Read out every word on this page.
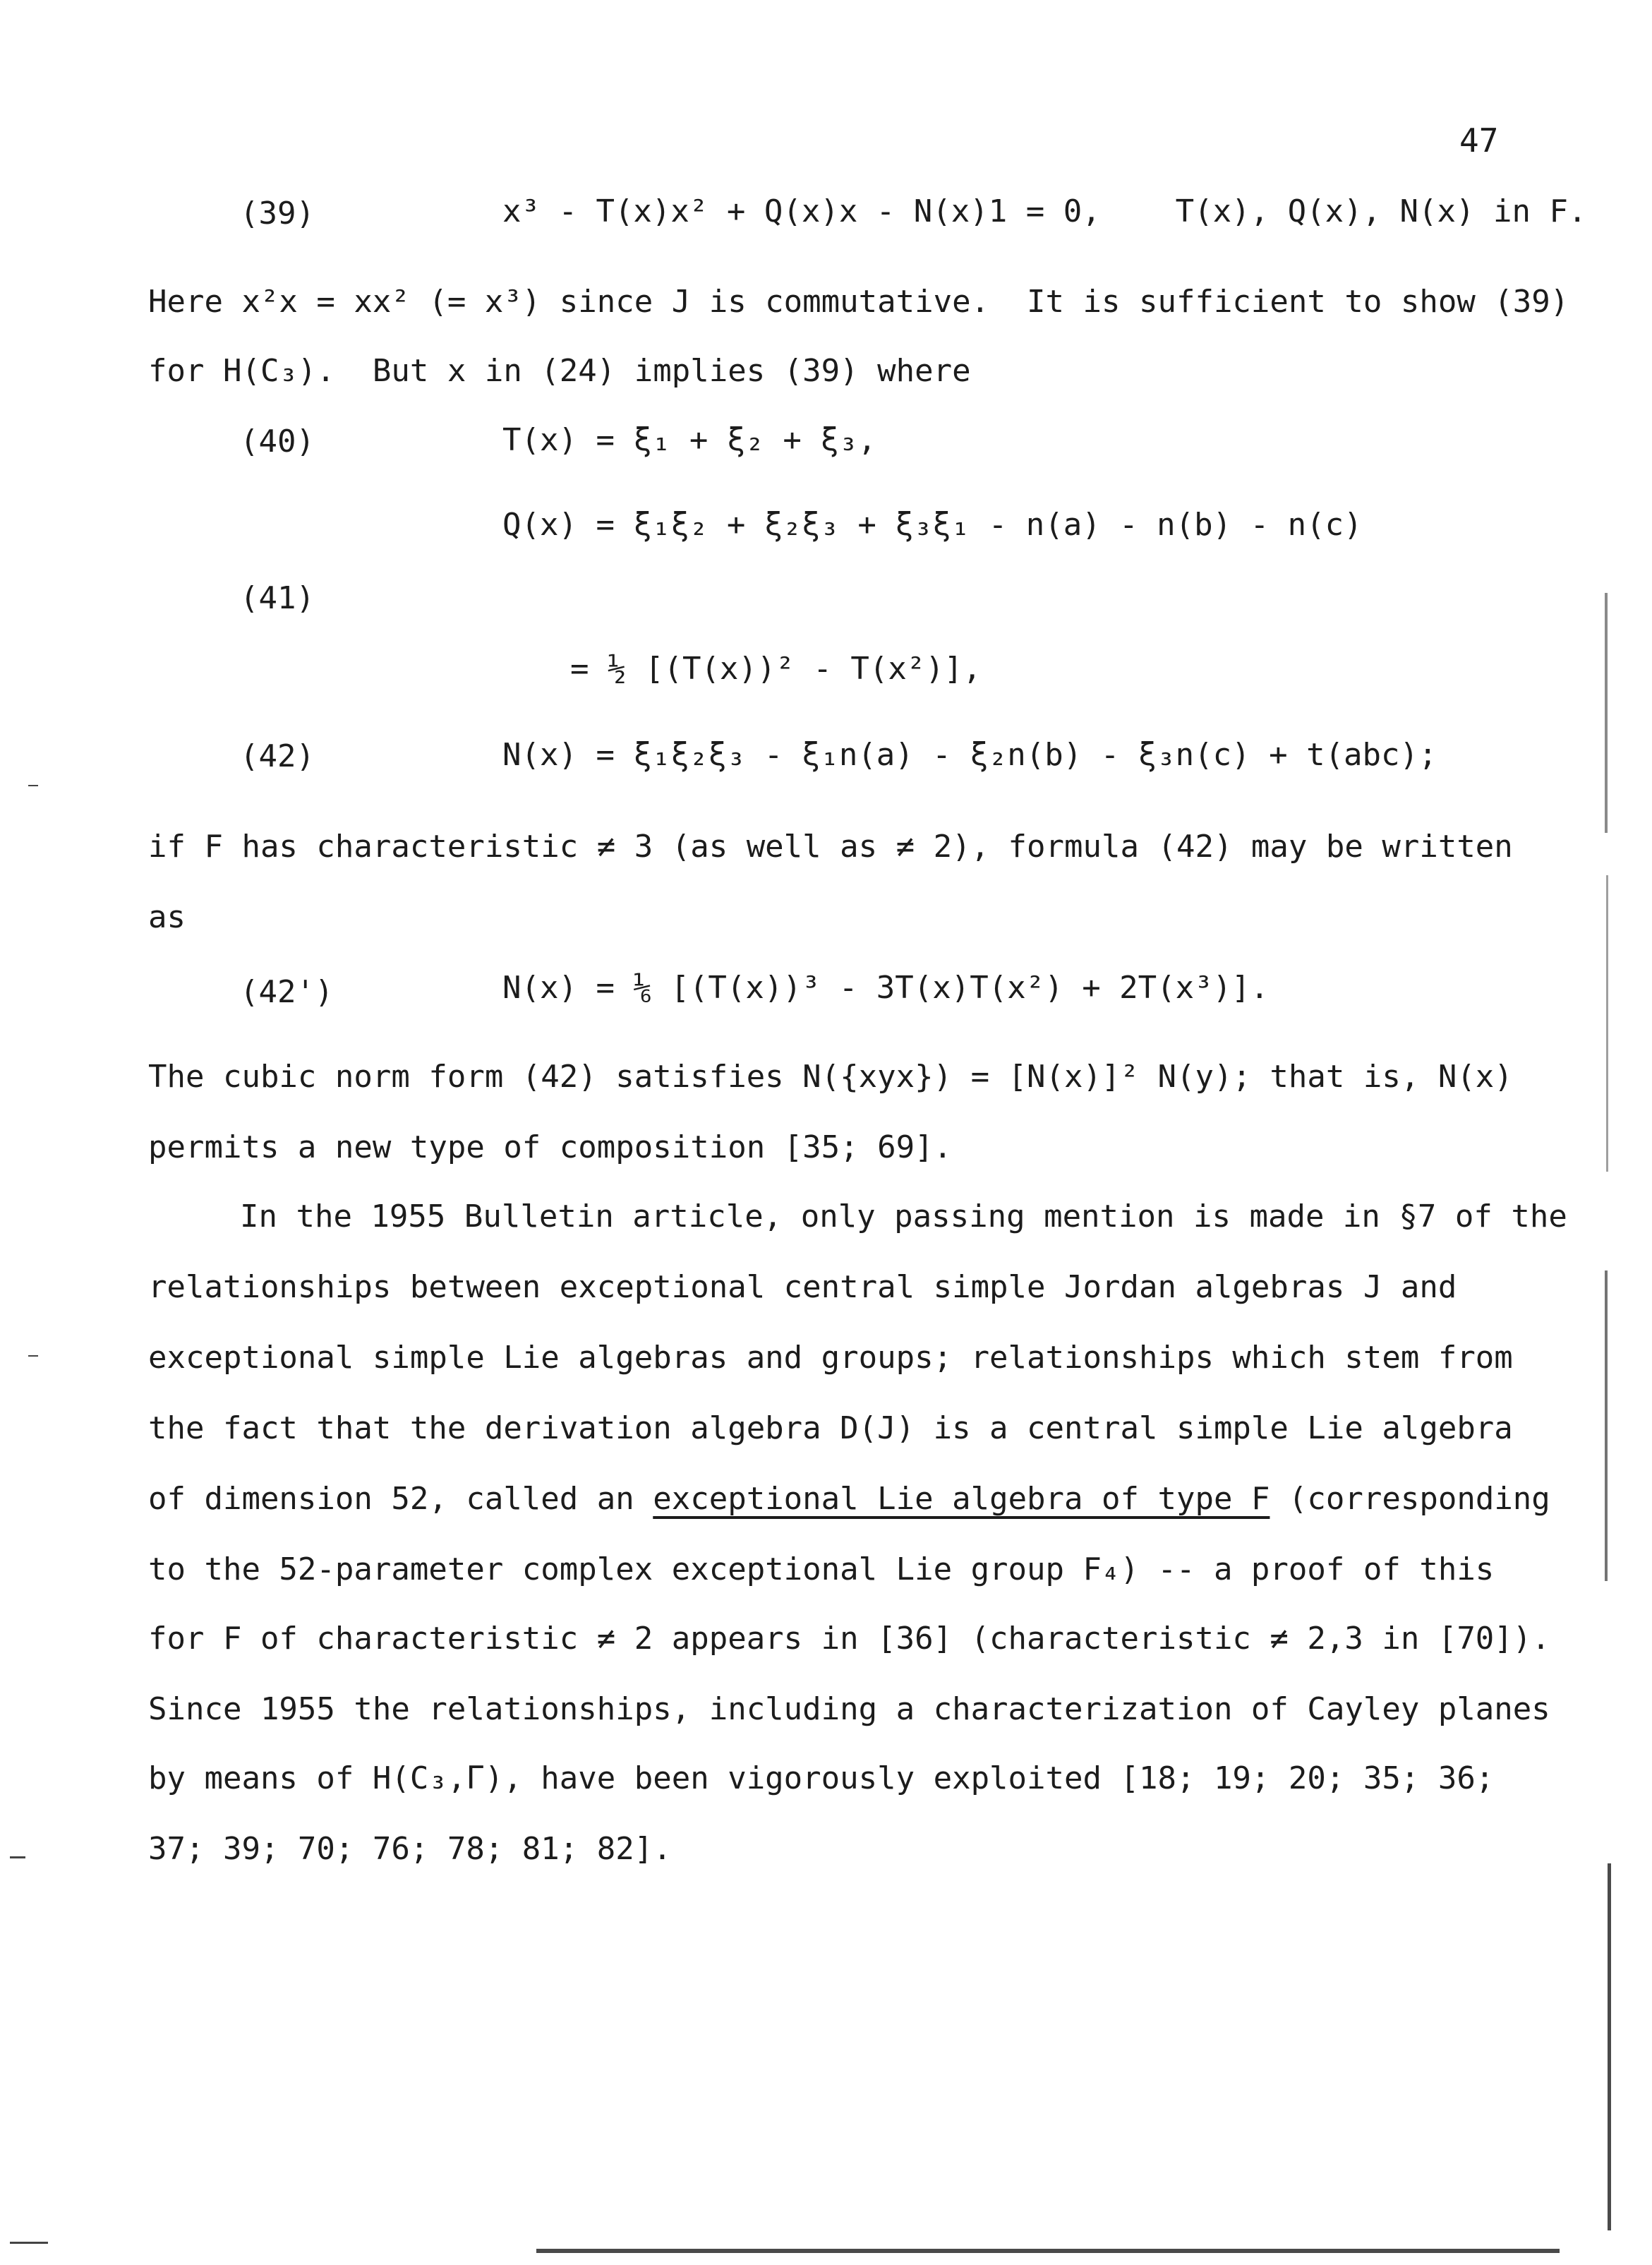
47
(39)	x³ - T(x)x² + Q(x)x - N(x)1 = 0,    T(x), Q(x), N(x) in F.
Here x²x = xx² (= x³) since J is commutative.  It is sufficient to show (39)
for H(C₃).  But x in (24) implies (39) where
(40)	T(x) = ξ₁ + ξ₂ + ξ₃,
Q(x) = ξ₁ξ₂ + ξ₂ξ₃ + ξ₃ξ₁ - n(a) - n(b) - n(c)
(41)
= ½ [(T(x))² - T(x²)],
(42)	N(x) = ξ₁ξ₂ξ₃ - ξ₁n(a) - ξ₂n(b) - ξ₃n(c) + t(abc);
if F has characteristic ≠ 3 (as well as ≠ 2), formula (42) may be written
as
(42')	N(x) = ⅙ [(T(x))³ - 3T(x)T(x²) + 2T(x³)].
The cubic norm form (42) satisfies N({xyx}) = [N(x)]² N(y); that is, N(x)
permits a new type of composition [35; 69].
In the 1955 Bulletin article, only passing mention is made in §7 of the
relationships between exceptional central simple Jordan algebras J and
exceptional simple Lie algebras and groups; relationships which stem from
the fact that the derivation algebra D(J) is a central simple Lie algebra
of dimension 52, called an exceptional Lie algebra of type F (corresponding
to the 52-parameter complex exceptional Lie group F₄) -- a proof of this
for F of characteristic ≠ 2 appears in [36] (characteristic ≠ 2,3 in [70]).
Since 1955 the relationships, including a characterization of Cayley planes
by means of H(C₃,Γ), have been vigorously exploited [18; 19; 20; 35; 36;
37; 39; 70; 76; 78; 81; 82].
